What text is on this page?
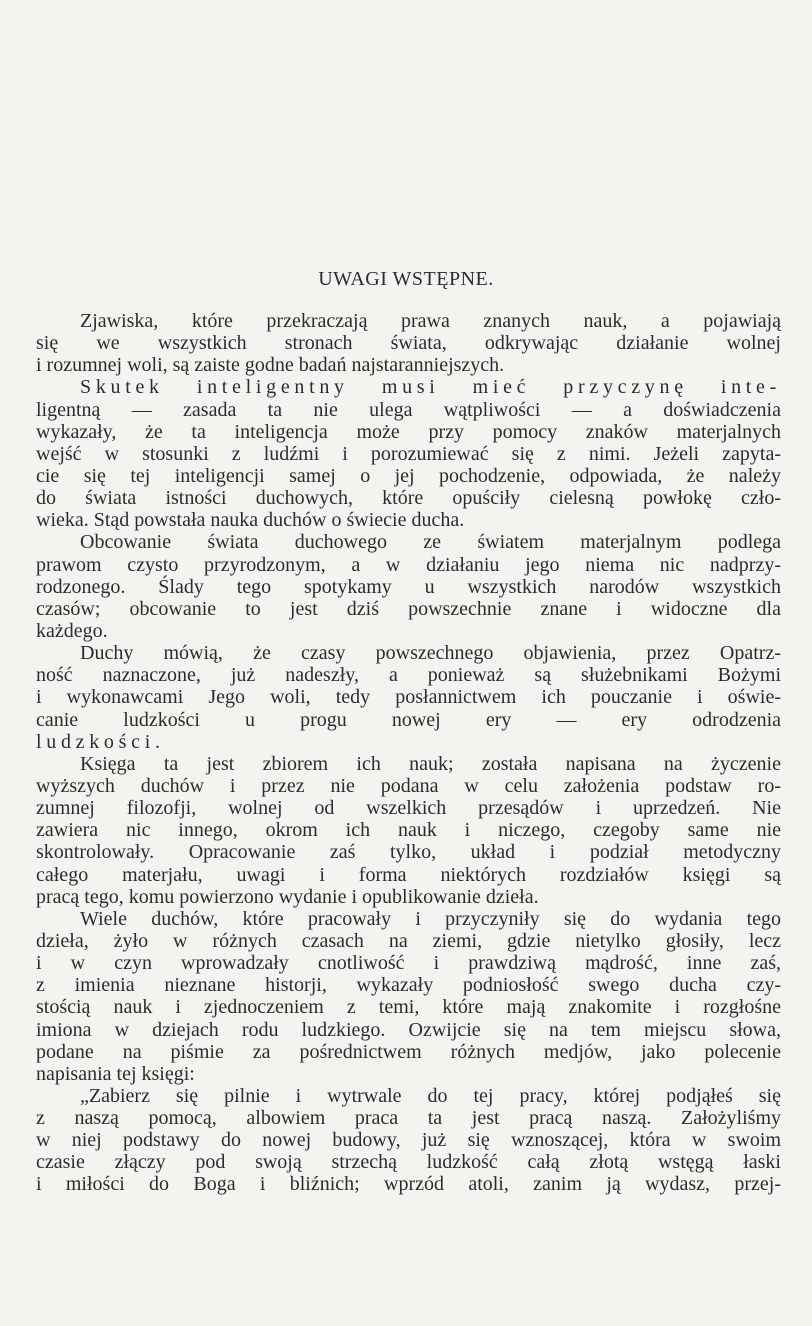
UWAGI WSTĘPNE.
Zjawiska, które przekraczają prawa znanych nauk, a pojawiają
się we wszystkich stronach świata, odkrywając działanie wolnej
i rozumnej woli, są zaiste godne badań najstaranniejszych.
Skutek inteligentny musi mieć przyczynę inte-
ligentną — zasada ta nie ulega wątpliwości — a doświadczenia
wykazały, że ta inteligencja może przy pomocy znaków materjalnych
wejść w stosunki z ludźmi i porozumiewać się z nimi. Jeżeli zapyta-
cie się tej inteligencji samej o jej pochodzenie, odpowiada, że należy
do świata istności duchowych, które opuściły cielesną powłokę czło-
wieka. Stąd powstała nauka duchów o świecie ducha.
Obcowanie świata duchowego ze światem materjalnym podlega
prawom czysto przyrodzonym, a w działaniu jego niema nic nadprzy-
rodzonego. Ślady tego spotykamy u wszystkich narodów wszystkich
czasów; obcowanie to jest dziś powszechnie znane i widoczne dla
każdego.
Duchy mówią, że czasy powszechnego objawienia, przez Opatrz-
ność naznaczone, już nadeszły, a ponieważ są służebnikami Bożymi
i wykonawcami Jego woli, tedy posłannictwem ich pouczanie i oświe-
canie ludzkości u progu nowej ery — ery odrodzenia
ludzkości.
Księga ta jest zbiorem ich nauk; została napisana na życzenie
wyższych duchów i przez nie podana w celu założenia podstaw ro-
zumnej filozofji, wolnej od wszelkich przesądów i uprzedzeń. Nie
zawiera nic innego, okrom ich nauk i niczego, czegoby same nie
skontrolowały. Opracowanie zaś tylko, układ i podział metodyczny
całego materjału, uwagi i forma niektórych rozdziałów księgi są
pracą tego, komu powierzono wydanie i opublikowanie dzieła.
Wiele duchów, które pracowały i przyczyniły się do wydania tego
dzieła, żyło w różnych czasach na ziemi, gdzie nietylko głosiły, lecz
i w czyn wprowadzały cnotliwość i prawdziwą mądrość, inne zaś,
z imienia nieznane historji, wykazały podniosłość swego ducha czy-
stością nauk i zjednoczeniem z temi, które mają znakomite i rozgłośne
imiona w dziejach rodu ludzkiego. Ozwijcie się na tem miejscu słowa,
podane na piśmie za pośrednictwem różnych medjów, jako polecenie
napisania tej księgi:
„Zabierz się pilnie i wytrwale do tej pracy, której podjąłeś się
z naszą pomocą, albowiem praca ta jest pracą naszą. Założyliśmy
w niej podstawy do nowej budowy, już się wznoszącej, która w swoim
czasie złączy pod swoją strzechą ludzkość całą złotą wstęgą łaski
i miłości do Boga i bliźnich; wprzód atoli, zanim ją wydasz, przej-
